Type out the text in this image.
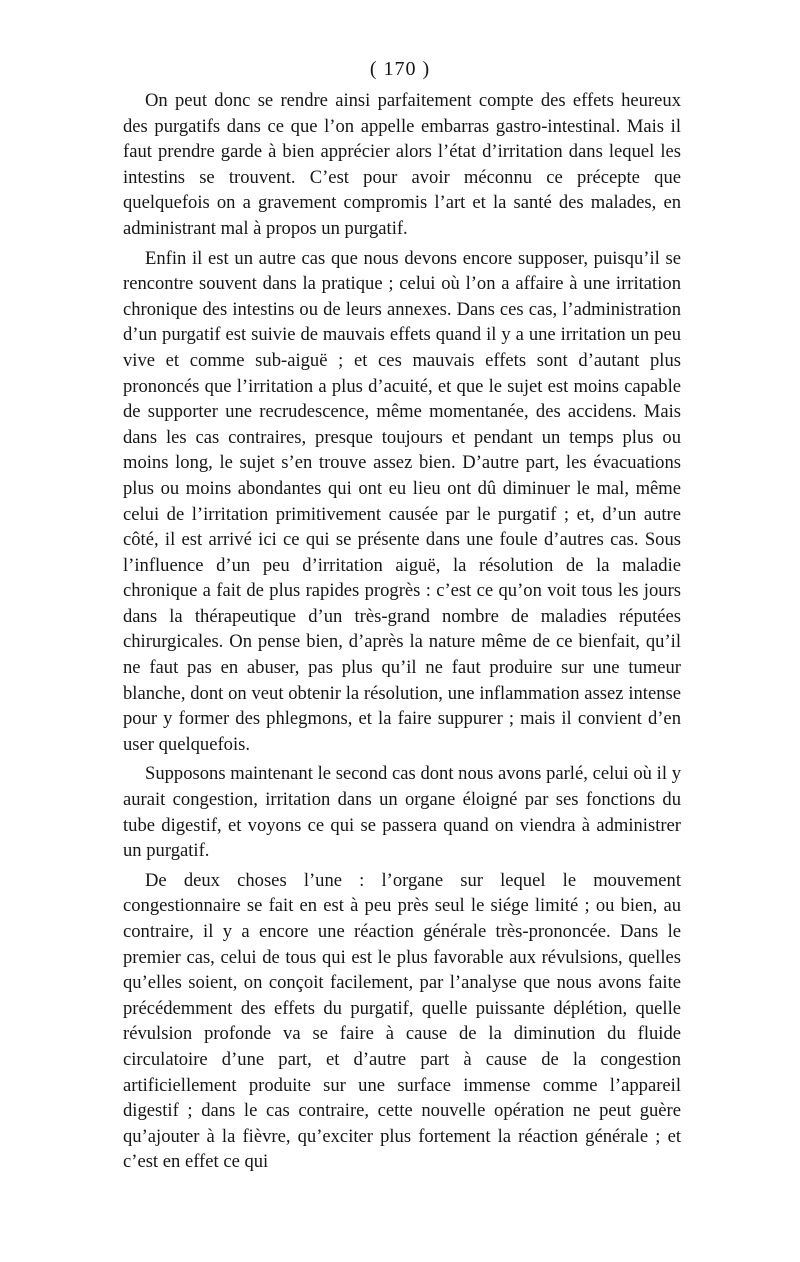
( 170 )

On peut donc se rendre ainsi parfaitement compte des effets heureux des purgatifs dans ce que l’on appelle embarras gastro-intestinal. Mais il faut prendre garde à bien apprécier alors l’état d’irritation dans lequel les intestins se trouvent. C’est pour avoir méconnu ce précepte que quelquefois on a gravement compromis l’art et la santé des malades, en administrant mal à propos un purgatif.

Enfin il est un autre cas que nous devons encore supposer, puisqu’il se rencontre souvent dans la pratique ; celui où l’on a affaire à une irritation chronique des intestins ou de leurs annexes. Dans ces cas, l’administration d’un purgatif est suivie de mauvais effets quand il y a une irritation un peu vive et comme sub-aiguë ; et ces mauvais effets sont d’autant plus prononcés que l’irritation a plus d’acuité, et que le sujet est moins capable de supporter une recrudescence, même momentanée, des accidens. Mais dans les cas contraires, presque toujours et pendant un temps plus ou moins long, le sujet s’en trouve assez bien. D’autre part, les évacuations plus ou moins abondantes qui ont eu lieu ont dû diminuer le mal, même celui de l’irritation primitivement causée par le purgatif ; et, d’un autre côté, il est arrivé ici ce qui se présente dans une foule d’autres cas. Sous l’influence d’un peu d’irritation aiguë, la résolution de la maladie chronique a fait de plus rapides progrès : c’est ce qu’on voit tous les jours dans la thérapeutique d’un très-grand nombre de maladies réputées chirurgicales. On pense bien, d’après la nature même de ce bienfait, qu’il ne faut pas en abuser, pas plus qu’il ne faut produire sur une tumeur blanche, dont on veut obtenir la résolution, une inflammation assez intense pour y former des phlegmons, et la faire suppurer ; mais il convient d’en user quelquefois.

Supposons maintenant le second cas dont nous avons parlé, celui où il y aurait congestion, irritation dans un organe éloigné par ses fonctions du tube digestif, et voyons ce qui se passera quand on viendra à administrer un purgatif.

De deux choses l’une : l’organe sur lequel le mouvement congestionnaire se fait en est à peu près seul le siége limité ; ou bien, au contraire, il y a encore une réaction générale très-prononcée. Dans le premier cas, celui de tous qui est le plus favorable aux révulsions, quelles qu’elles soient, on conçoit facilement, par l’analyse que nous avons faite précédemment des effets du purgatif, quelle puissante déplétion, quelle révulsion profonde va se faire à cause de la diminution du fluide circulatoire d’une part, et d’autre part à cause de la congestion artificiellement produite sur une surface immense comme l’appareil digestif ; dans le cas contraire, cette nouvelle opération ne peut guère qu’ajouter à la fièvre, qu’exciter plus fortement la réaction générale ; et c’est en effet ce qui
